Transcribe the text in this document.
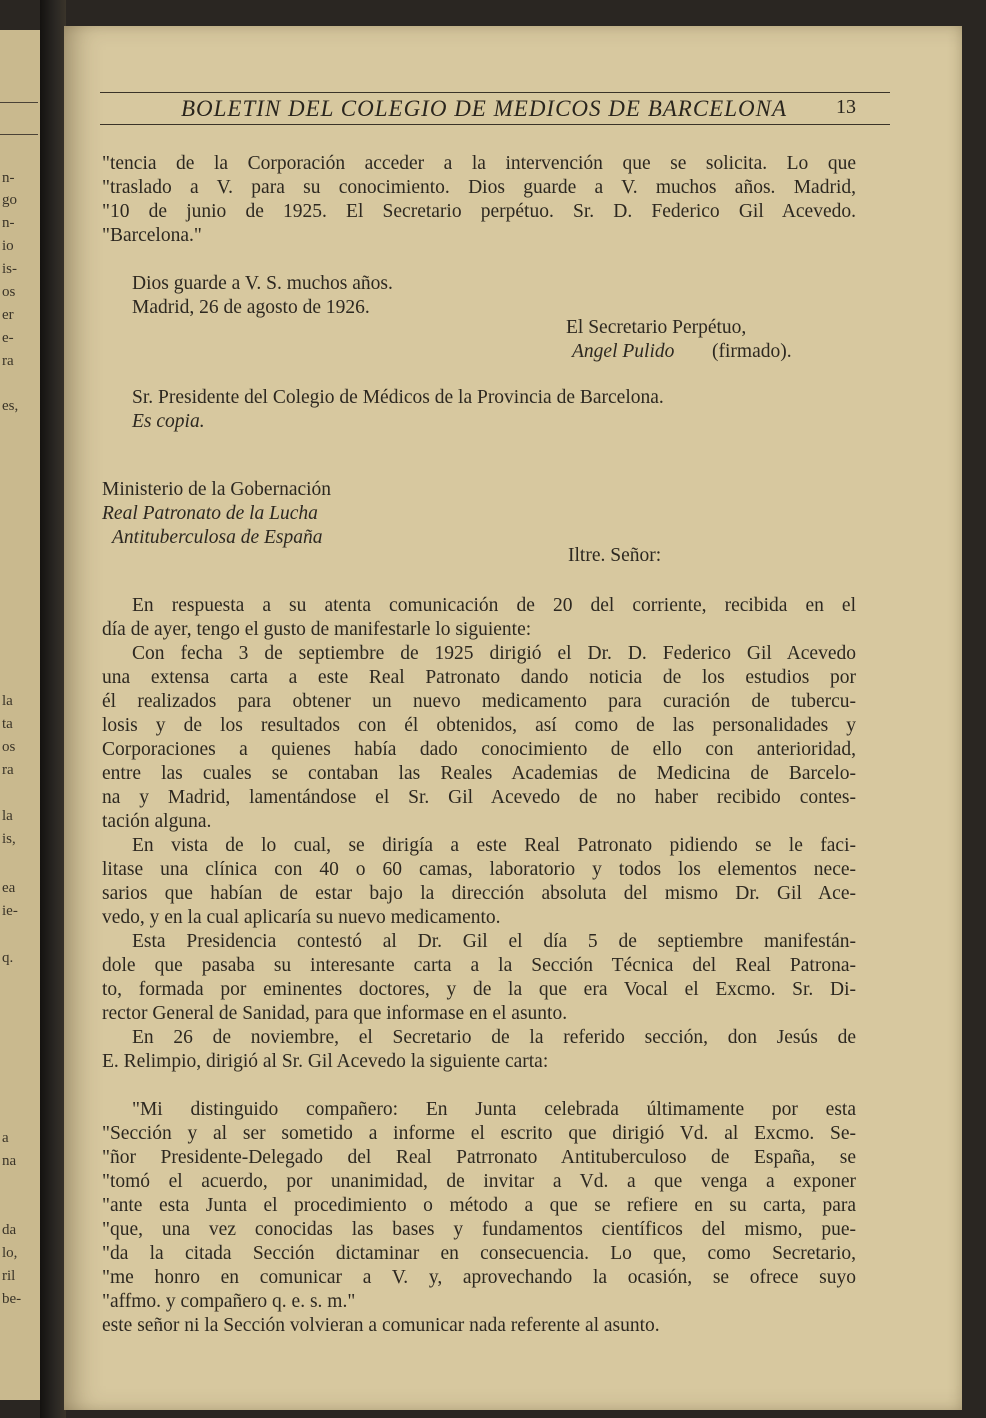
n-
go
n-
io
is-
os
er
e-
ra
es,
la
ta
os
ra
la
is,
ea
ie-
q.
a
na
da
lo,
ril
be-
BOLETIN DEL COLEGIO DE MEDICOS DE BARCELONA	13
"tencia de la Corporación acceder a la intervención que se solicita. Lo que
"traslado a V. para su conocimiento. Dios guarde a V. muchos años. Madrid,
"10 de junio de 1925. El Secretario perpétuo. Sr. D. Federico Gil Acevedo.
"Barcelona."
Dios guarde a V. S. muchos años.
Madrid, 26 de agosto de 1926.
El Secretario Perpétuo,
Angel Pulido (firmado).
Sr. Presidente del Colegio de Médicos de la Provincia de Barcelona.
Es copia.
Ministerio de la Gobernación
Real Patronato de la Lucha
Antituberculosa de España
Iltre. Señor:
En respuesta a su atenta comunicación de 20 del corriente, recibida en el
día de ayer, tengo el gusto de manifestarle lo siguiente:
Con fecha 3 de septiembre de 1925 dirigió el Dr. D. Federico Gil Acevedo
una extensa carta a este Real Patronato dando noticia de los estudios por
él realizados para obtener un nuevo medicamento para curación de tubercu-
losis y de los resultados con él obtenidos, así como de las personalidades y
Corporaciones a quienes había dado conocimiento de ello con anterioridad,
entre las cuales se contaban las Reales Academias de Medicina de Barcelo-
na y Madrid, lamentándose el Sr. Gil Acevedo de no haber recibido contes-
tación alguna.
En vista de lo cual, se dirigía a este Real Patronato pidiendo se le faci-
litase una clínica con 40 o 60 camas, laboratorio y todos los elementos nece-
sarios que habían de estar bajo la dirección absoluta del mismo Dr. Gil Ace-
vedo, y en la cual aplicaría su nuevo medicamento.
Esta Presidencia contestó al Dr. Gil el día 5 de septiembre manifestán-
dole que pasaba su interesante carta a la Sección Técnica del Real Patrona-
to, formada por eminentes doctores, y de la que era Vocal el Excmo. Sr. Di-
rector General de Sanidad, para que informase en el asunto.
En 26 de noviembre, el Secretario de la referido sección, don Jesús de
E. Relimpio, dirigió al Sr. Gil Acevedo la siguiente carta:
"Mi distinguido compañero: En Junta celebrada últimamente por esta
"Sección y al ser sometido a informe el escrito que dirigió Vd. al Excmo. Se-
"ñor Presidente-Delegado del Real Patrronato Antituberculoso de España, se
"tomó el acuerdo, por unanimidad, de invitar a Vd. a que venga a exponer
"ante esta Junta el procedimiento o método a que se refiere en su carta, para
"que, una vez conocidas las bases y fundamentos científicos del mismo, pue-
"da la citada Sección dictaminar en consecuencia. Lo que, como Secretario,
"me honro en comunicar a V. y, aprovechando la ocasión, se ofrece suyo
"affmo. y compañero q. e. s. m."
este señor ni la Sección volvieran a comunicar nada referente al asunto.
